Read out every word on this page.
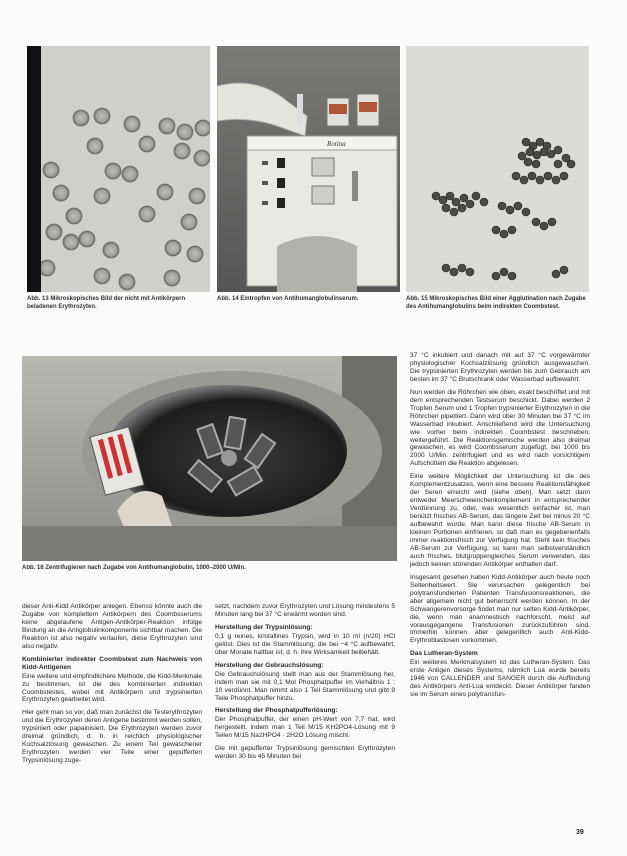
Rotina
Abb. 13 Mikroskopisches Bild der nicht mit Antikörpern beladenen Erythrozyten.
Abb. 14 Eintropfen von Antihumanglobulinserum.	Abb. 15 Mikroskopisches Bild einer Agglutination nach Zugabe des Antihumanglobulins beim indirekten Coombstest.
Abb. 16 Zentrifugieren nach Zugabe von Antihumanglobulin, 1000–2000 U/Min.

37 °C inkubiert und danach mit auf 37 °C vorgewärmter physiologischer Kochsalzlösung gründlich ausgewaschen. Die trypsinierten Erythrozyten werden bis zum Gebrauch am besten im 37 °C Brutschrank oder Wasserbad aufbewahrt.

Nun werden die Röhrchen wie oben, exakt beschriftet und mit dem entsprechenden Testserum beschickt. Dabei werden 2 Tropfen Serum und 1 Tropfen trypsinierter Erythrozyten in die Röhrchen pipettiert. Dann wird über 30 Minuten bei 37 °C im Wasserbad inkubiert. Anschließend wird die Untersuchung wie vorher beim indirekten Coombstest beschrieben, weitergeführt. Die Reaktionsgemische werden also dreimal gewaschen, es wird Coombsserum zugefügt, bei 1000 bis 2000 U/Min. zentrifugiert und es wird nach vorsichtigem Aufschütteln die Reaktion abgelesen.

Eine weitere Möglichkeit der Untersuchung ist die des Komplementzusatzes, wenn eine bessere Reaktionsfähigkeit der Seren erreicht wird (siehe oben). Man setzt dann entweder Meerschweinchenkomplement in entsprechender Verdünnung zu, oder, was wesentlich einfacher ist, man benützt frisches AB-Serum, das längere Zeit bei minus 20 °C aufbewahrt wurde. Man kann diese frische AB-Serum in kleinen Portionen einfrieren, so daß man es gegebenenfalls immer reaktionsfrisch zur Verfügung hat. Steht kein frisches AB-Serum zur Verfügung, so kann man selbstverständlich auch frisches, blutgruppengleiches Serum verwenden, das jedoch keinen störenden Antikörper enthalten darf.

Insgesamt gesehen haben Kidd-Antikörper auch heute noch Seltenheitswert. Sie verursachen gelegentlich bei polytransfundierten Patienten Transfusionsreaktionen, die aber allgemein nicht gut beherrscht werden können. In der Schwangerenvorsorge findet man nur selten Kidd-Antikörper, die, wenn man anamnestisch nachforscht, meist auf vorausgegangene Transfusionen zurückzuführen sind. Immerhin können aber gelegentlich auch Anti-Kidd-Erythroblastosen vorkommen.

Das Lutheran-System

Ein weiteres Merkmalsystem ist das Lutheran-System. Das erste Antigen dieses Systems, nämlich Lua wurde bereits 1946 von CALLENDER und SANGER durch die Auffindung des Antikörpers Anti-Lua entdeckt. Dieser Antikörper fanden sie im Serum eines polytransfun-

dieser Anti-Kidd Antikörper anlegen. Ebenso könnte auch die Zugabe von komplettem Antikörpern des Coombsserums keine abgelaufene Antigen-Antikörper-Reaktion infolge Bindung an die Antiglobulinkomponente sichtbar machen. Die Reaktion ist also negativ verlaufen, diese Erythrozyten sind also negativ.

Kombinierter indirekter Coombstest zum Nachweis von Kidd-Antigenen

Eine weitere und empfindlichere Methode, die Kidd-Merkmale zu bestimmen, ist die des kombinierten indirekten Coombstestes, wobei mit Antikörpern und trypsinierten Erythrozyten gearbeitet wird.

Hier geht man so vor, daß man zunächst die Testerythrozyten und die Erythrozyten deren Antigene bestimmt werden sollen, trypsiniert oder papainisiert. Die Erythrozyten werden zuvor dreimal gründlich, d. h. in reichlich physiologischer Kochsalzlösung gewaschen. Zu einem Teil gewaschener Erythrozyten werden vier Teile einer gepufferten Trypsinlösung zuge-

setzt, nachdem zuvor Erythrozyten und Lösung mindestens 5 Minuten lang bei 37 °C erwärmt worden sind.

Herstellung der Trypsinlösung:

0,1 g reines, kristallines Trypsin, wird in 10 ml (n/20) HCl gelöst. Dies ist die Stammlösung, die bei −4 °C aufbewahrt, über Monate haltbar ist, d. h. ihre Wirksamkeit beibehält.

Herstellung der Gebrauchslösung:

Die Gebrauchslösung stellt man aus der Stammlösung her, indem man sie mit 0,1 Mol Phosphatpuffer im Verhältnis 1 : 10 verdünnt. Man nimmt also 1 Teil Stammlösung und gibt 9 Teile Phosphatpuffer hinzu.

Herstellung der Phosphatpufferlösung:

Der Phosphatpuffer, der einen pH-Wert von 7,7 hat, wird hergestellt, indem man 1 Teil M/15 KH2PO4-Lösung mit 9 Teilen M/15 Na2HPO4 · 2H2O Lösung mischt.

Die mit gepufferter Trypsinlösung gemischten Erythrozyten werden 30 bis 45 Minuten bei

39
